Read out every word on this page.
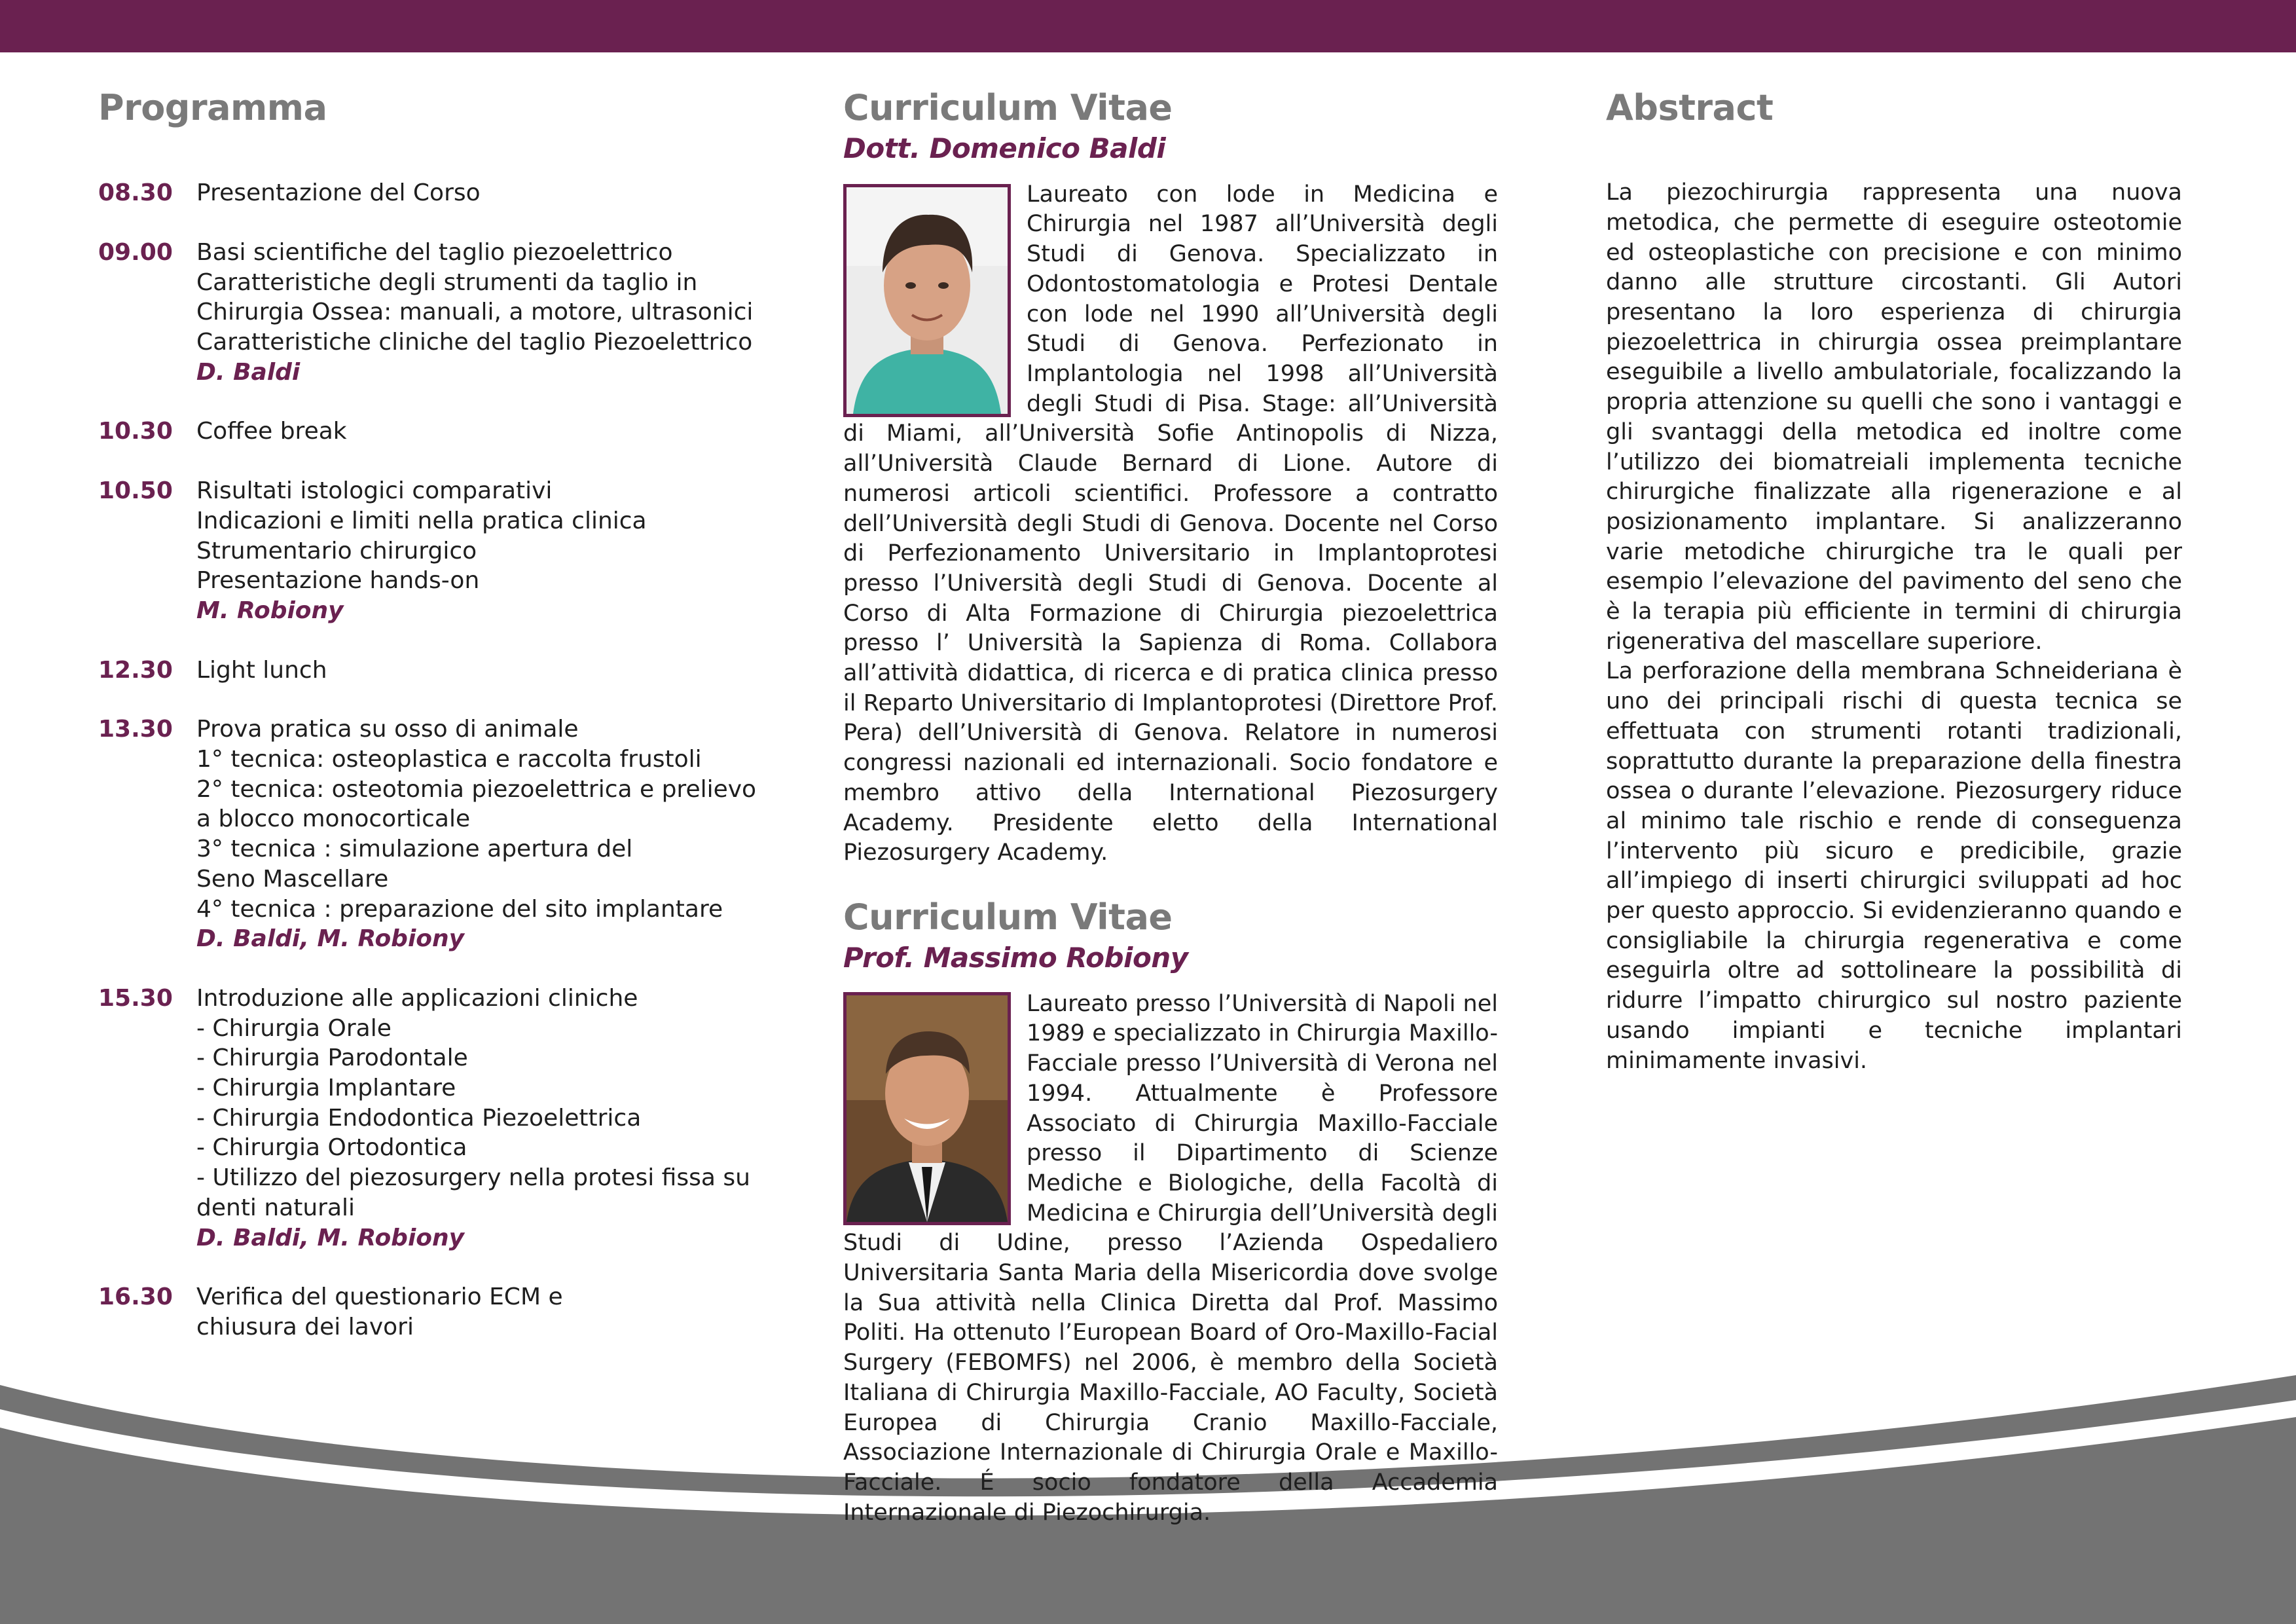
Programma
08.30	Presentazione del Corso
09.00	Basi scientifiche del taglio piezoelettrico
Caratteristiche degli strumenti da taglio in
Chirurgia Ossea: manuali, a motore, ultrasonici
Caratteristiche cliniche del taglio Piezoelettrico
D. Baldi
10.30	Coffee break
10.50	Risultati istologici comparativi
Indicazioni e limiti nella pratica clinica
Strumentario chirurgico
Presentazione hands-on
M. Robiony
12.30	Light lunch
13.30	Prova pratica su osso di animale
1° tecnica: osteoplastica e raccolta frustoli
2° tecnica: osteotomia piezoelettrica e prelievo
a blocco monocorticale
3° tecnica : simulazione apertura del
Seno Mascellare
4° tecnica : preparazione del sito implantare
D. Baldi, M. Robiony
15.30	Introduzione alle applicazioni cliniche
- Chirurgia Orale
- Chirurgia Parodontale
- Chirurgia Implantare
- Chirurgia Endodontica Piezoelettrica
- Chirurgia Ortodontica
- Utilizzo del piezosurgery nella protesi fissa su
denti naturali
D. Baldi, M. Robiony
16.30	Verifica del questionario ECM e
chiusura dei lavori
Curriculum Vitae
Dott. Domenico Baldi
Laureato con lode in Medicina e Chirurgia nel 1987 all’Università degli Studi di Genova. Specializzato in Odontostomatologia e Protesi Dentale con lode nel 1990 all’Università degli Studi di Genova. Perfezionato in Implantologia nel 1998 all’Università degli Studi di Pisa. Stage: all’Università di Miami, all’Università Sofie Antinopolis di Nizza, all’Università Claude Bernard di Lione. Autore di numerosi articoli scientifici. Professore a contratto dell’Università degli Studi di Genova. Docente nel Corso di Perfezionamento Universitario in Implantoprotesi presso l’Università degli Studi di Genova. Docente al Corso di Alta Formazione di Chirurgia piezoelettrica presso l’ Università la Sapienza di Roma. Collabora all’attività didattica, di ricerca e di pratica clinica presso il Reparto Universitario di Implantoprotesi (Direttore Prof. Pera) dell’Università di Genova. Relatore in numerosi congressi nazionali ed internazionali. Socio fondatore e membro attivo della International Piezosurgery Academy. Presidente eletto della International Piezosurgery Academy.
Curriculum Vitae
Prof. Massimo Robiony
Laureato presso l’Università di Napoli nel 1989 e specializzato in Chirurgia Maxillo-Facciale presso l’Università di Verona nel 1994. Attualmente è Professore Associato di Chirurgia Maxillo-Facciale presso il Dipartimento di Scienze Mediche e Biologiche, della Facoltà di Medicina e Chirurgia dell’Università degli Studi di Udine, presso l’Azienda Ospedaliero Universitaria Santa Maria della Misericordia dove svolge la Sua attività nella Clinica Diretta dal Prof. Massimo Politi. Ha ottenuto l’European Board of Oro-Maxillo-Facial Surgery (FEBOMFS) nel 2006, è membro della Società Italiana di Chirurgia Maxillo-Facciale, AO Faculty, Società Europea di Chirurgia Cranio Maxillo-Facciale, Associazione Internazionale di Chirurgia Orale e Maxillo-Facciale. É socio fondatore della Accademia Internazionale di Piezochirurgia.
Abstract

La piezochirurgia rappresenta una nuova metodica, che permette di eseguire osteotomie ed osteoplastiche con precisione e con minimo danno alle strutture circostanti. Gli Autori presentano la loro esperienza di chirurgia piezoelettrica in chirurgia ossea preimplantare eseguibile a livello ambulatoriale, focalizzando la propria attenzione su quelli che sono i vantaggi e gli svantaggi della metodica ed inoltre come l’utilizzo dei biomatreiali implementa tecniche chirurgiche finalizzate alla rigenerazione e al posizionamento implantare. Si analizzeranno varie metodiche chirurgiche tra le quali per esempio l’elevazione del pavimento del seno che è la terapia più efficiente in termini di chirurgia rigenerativa del mascellare superiore.

La perforazione della membrana Schneideriana è uno dei principali rischi di questa tecnica se effettuata con strumenti rotanti tradizionali, soprattutto durante la preparazione della finestra ossea o durante l’elevazione. Piezosurgery riduce al minimo tale rischio e rende di conseguenza l’intervento più sicuro e predicibile, grazie all’impiego di inserti chirurgici sviluppati ad hoc per questo approccio. Si evidenzieranno quando e consigliabile la chirurgia regenerativa e come eseguirla oltre ad sottolineare la possibilità di ridurre l’impatto chirurgico sul nostro paziente usando impianti e tecniche implantari minimamente invasivi.
